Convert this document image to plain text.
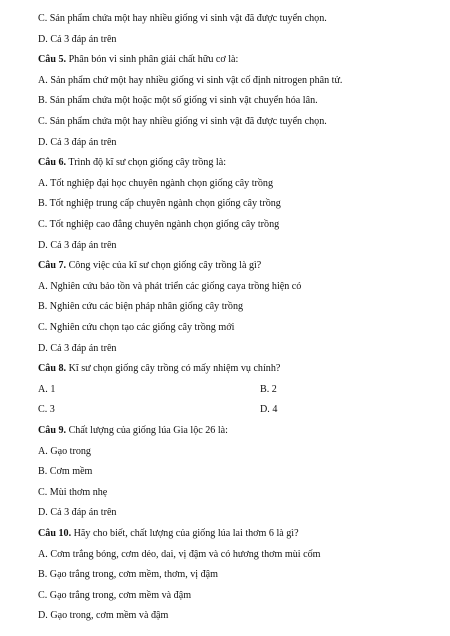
C. Sản phẩm chứa một hay nhiều giống vi sinh vật đã được tuyển chọn.
D. Cả 3 đáp án trên
Câu 5. Phân bón vi sinh phân giải chất hữu cơ là:
A. Sản phẩm chứ một hay nhiều giống vi sinh vật cố định nitrogen phân tử.
B. Sản phẩm chứa một hoặc một số giống vi sinh vật chuyển hóa lân.
C. Sản phẩm chứa một hay nhiều giống vi sinh vật đã được tuyển chọn.
D. Cả 3 đáp án trên
Câu 6. Trình độ kĩ sư chọn giống cây trồng là:
A. Tốt nghiệp đại học chuyên ngành chọn giống cây trồng
B. Tốt nghiệp trung cấp chuyên ngành chọn giống cây trồng
C. Tốt nghiệp cao đẳng chuyên ngành chọn giống cây trồng
D. Cả 3 đáp án trên
Câu 7. Công việc của kĩ sư chọn giống cây trồng là gì?
A. Nghiên cứu bảo tồn và phát triển các giống caya trồng hiện có
B. Nghiên cứu các biện pháp nhân giống cây trồng
C. Nghiên cứu chọn tạo các giống cây trồng mới
D. Cả 3 đáp án trên
Câu 8. Kĩ sư chọn giống cây trồng có mấy nhiệm vụ chính?
A. 1	B. 2
C. 3	D. 4
Câu 9. Chất lượng của giống lúa Gia lộc 26 là:
A. Gạo trong
B. Cơm mềm
C. Mùi thơm nhẹ
D. Cả 3 đáp án trên
Câu 10. Hãy cho biết, chất lượng của giống lúa lai thơm 6 là gì?
A. Cơm trắng bóng, cơm dẻo, dai, vị đậm và có hương thơm mùi cốm
B. Gạo trắng trong, cơm mềm, thơm, vị đậm
C. Gạo trắng trong, cơm mềm và đậm
D. Gạo trong, cơm mềm và đậm
